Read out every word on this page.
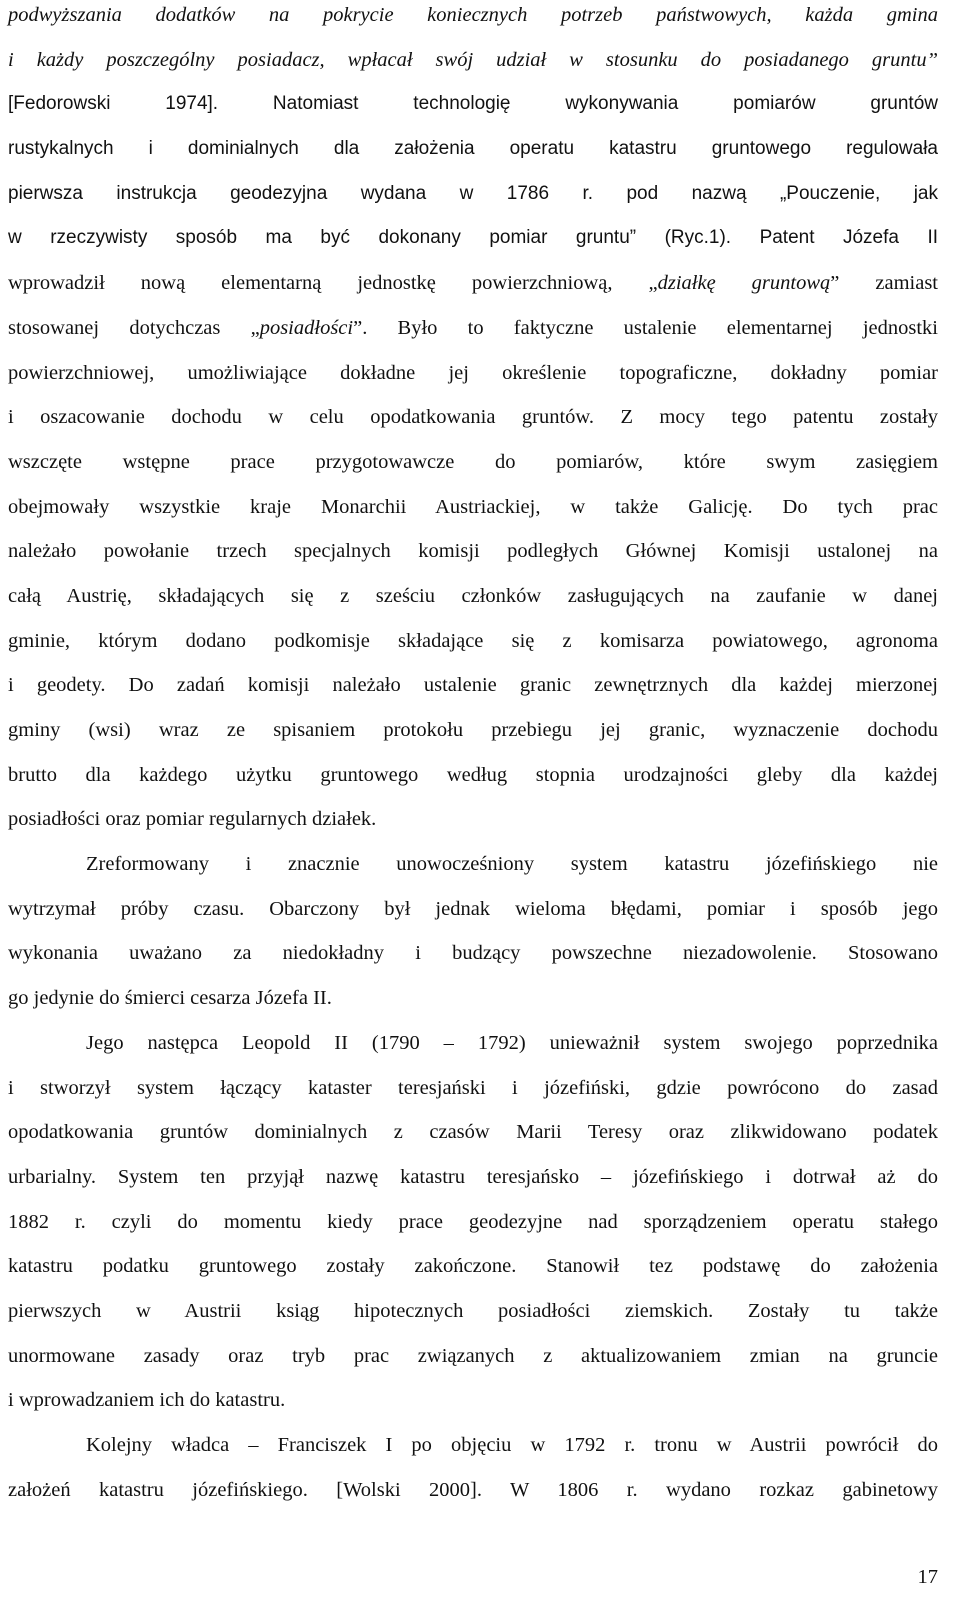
podwyższania dodatków na pokrycie koniecznych potrzeb państwowych, każda gmina
i każdy poszczególny posiadacz, wpłacał swój udział w stosunku do posiadanego gruntu”
[Fedorowski 1974]. Natomiast technologię wykonywania pomiarów gruntów
rustykalnych i dominialnych dla założenia operatu katastru gruntowego regulowała
pierwsza instrukcja geodezyjna wydana w 1786 r. pod nazwą „Pouczenie, jak
w rzeczywisty sposób ma być dokonany pomiar gruntu” (Ryc.1). Patent Józefa II
wprowadził nową elementarną jednostkę powierzchniową, „działkę gruntową” zamiast
stosowanej dotychczas „posiadłości”. Było to faktyczne ustalenie elementarnej jednostki
powierzchniowej, umożliwiające dokładne jej określenie topograficzne, dokładny pomiar
i oszacowanie dochodu w celu opodatkowania gruntów. Z mocy tego patentu zostały
wszczęte wstępne prace przygotowawcze do pomiarów, które swym zasięgiem
obejmowały wszystkie kraje Monarchii Austriackiej, w także Galicję. Do tych prac
należało powołanie trzech specjalnych komisji podległych Głównej Komisji ustalonej na
całą Austrię, składających się z sześciu członków zasługujących na zaufanie w danej
gminie, którym dodano podkomisje składające się z komisarza powiatowego, agronoma
i geodety. Do zadań komisji należało ustalenie granic zewnętrznych dla każdej mierzonej
gminy (wsi) wraz ze spisaniem protokołu przebiegu jej granic, wyznaczenie dochodu
brutto dla każdego użytku gruntowego według stopnia urodzajności gleby dla każdej
posiadłości oraz pomiar regularnych działek.
Zreformowany i znacznie unowocześniony system katastru józefińskiego nie
wytrzymał próby czasu. Obarczony był jednak wieloma błędami, pomiar i sposób jego
wykonania uważano za niedokładny i budzący powszechne niezadowolenie. Stosowano
go jedynie do śmierci cesarza Józefa II.
Jego następca Leopold II (1790 – 1792) unieważnił system swojego poprzednika
i stworzył system łączący kataster teresjański i józefiński, gdzie powrócono do zasad
opodatkowania gruntów dominialnych z czasów Marii Teresy oraz zlikwidowano podatek
urbarialny. System ten przyjął nazwę katastru teresjańsko – józefińskiego i dotrwał aż do
1882 r. czyli do momentu kiedy prace geodezyjne nad sporządzeniem operatu stałego
katastru podatku gruntowego zostały zakończone. Stanowił tez podstawę do założenia
pierwszych w Austrii ksiąg hipotecznych posiadłości ziemskich. Zostały tu także
unormowane zasady oraz tryb prac związanych z aktualizowaniem zmian na gruncie
i wprowadzaniem ich do katastru.
Kolejny władca – Franciszek I po objęciu w 1792 r. tronu w Austrii powrócił do
założeń katastru józefińskiego. [Wolski 2000]. W 1806 r. wydano rozkaz gabinetowy
17
